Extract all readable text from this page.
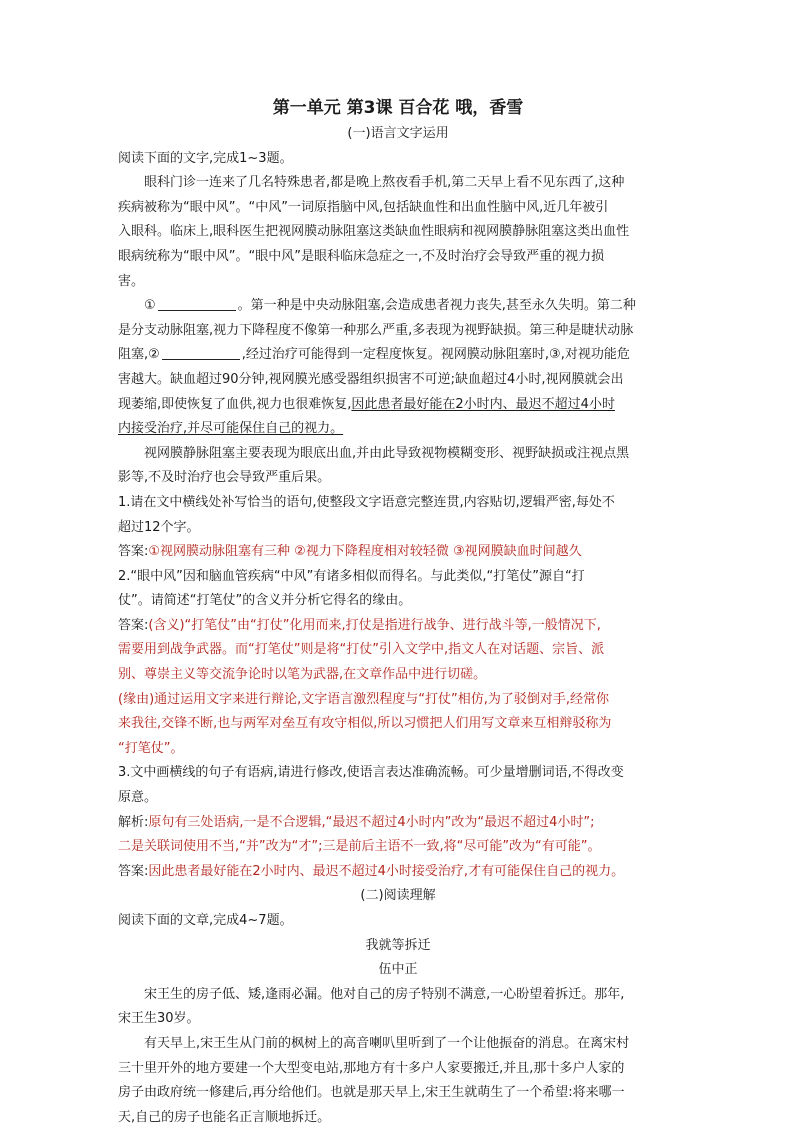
第一单元 第3课 百合花 哦，香雪
(一)语言文字运用
阅读下面的文字,完成1~3题。
眼科门诊一连来了几名特殊患者,都是晚上熬夜看手机,第二天早上看不见东西了,这种
疾病被称为“眼中风”。“中风”一词原指脑中风,包括缺血性和出血性脑中风,近几年被引
入眼科。临床上,眼科医生把视网膜动脉阻塞这类缺血性眼病和视网膜静脉阻塞这类出血性
眼病统称为“眼中风”。“眼中风”是眼科临床急症之一,不及时治疗会导致严重的视力损
害。
①	。第一种是中央动脉阻塞,会造成患者视力丧失,甚至永久失明。第二种
是分支动脉阻塞,视力下降程度不像第一种那么严重,多表现为视野缺损。第三种是睫状动脉
阻塞,②	,经过治疗可能得到一定程度恢复。视网膜动脉阻塞时,③,对视功能危
害越大。缺血超过90分钟,视网膜光感受器组织损害不可逆;缺血超过4小时,视网膜就会出
现萎缩,即使恢复了血供,视力也很难恢复,因此患者最好能在2小时内、最迟不超过4小时
内接受治疗,并尽可能保住自己的视力。
视网膜静脉阻塞主要表现为眼底出血,并由此导致视物模糊变形、视野缺损或注视点黑
影等,不及时治疗也会导致严重后果。
1.请在文中横线处补写恰当的语句,使整段文字语意完整连贯,内容贴切,逻辑严密,每处不
超过12个字。
答案:①视网膜动脉阻塞有三种 ②视力下降程度相对较轻微 ③视网膜缺血时间越久
2.“眼中风”因和脑血管疾病“中风”有诸多相似而得名。与此类似,“打笔仗”源自“打
仗”。请简述“打笔仗”的含义并分析它得名的缘由。
答案:(含义)“打笔仗”由“打仗”化用而来,打仗是指进行战争、进行战斗等,一般情况下,
需要用到战争武器。而“打笔仗”则是将“打仗”引入文学中,指文人在对话题、宗旨、派
别、尊崇主义等交流争论时以笔为武器,在文章作品中进行切磋。
(缘由)通过运用文字来进行辩论,文字语言激烈程度与“打仗”相仿,为了驳倒对手,经常你
来我往,交锋不断,也与两军对垒互有攻守相似,所以习惯把人们用写文章来互相辩驳称为
“打笔仗”。
3.文中画横线的句子有语病,请进行修改,使语言表达准确流畅。可少量增删词语,不得改变
原意。
解析:原句有三处语病,一是不合逻辑,“最迟不超过4小时内”改为“最迟不超过4小时”;
二是关联词使用不当,“并”改为“才”;三是前后主语不一致,将“尽可能”改为“有可能”。
答案:因此患者最好能在2小时内、最迟不超过4小时接受治疗,才有可能保住自己的视力。
(二)阅读理解
阅读下面的文章,完成4~7题。
我就等拆迁
伍中正
宋王生的房子低、矮,逢雨必漏。他对自己的房子特别不满意,一心盼望着拆迁。那年,
宋王生30岁。
有天早上,宋王生从门前的枫树上的高音喇叭里听到了一个让他振奋的消息。在离宋村
三十里开外的地方要建一个大型变电站,那地方有十多户人家要搬迁,并且,那十多户人家的
房子由政府统一修建后,再分给他们。也就是那天早上,宋王生就萌生了一个希望:将来哪一
天,自己的房子也能名正言顺地拆迁。
